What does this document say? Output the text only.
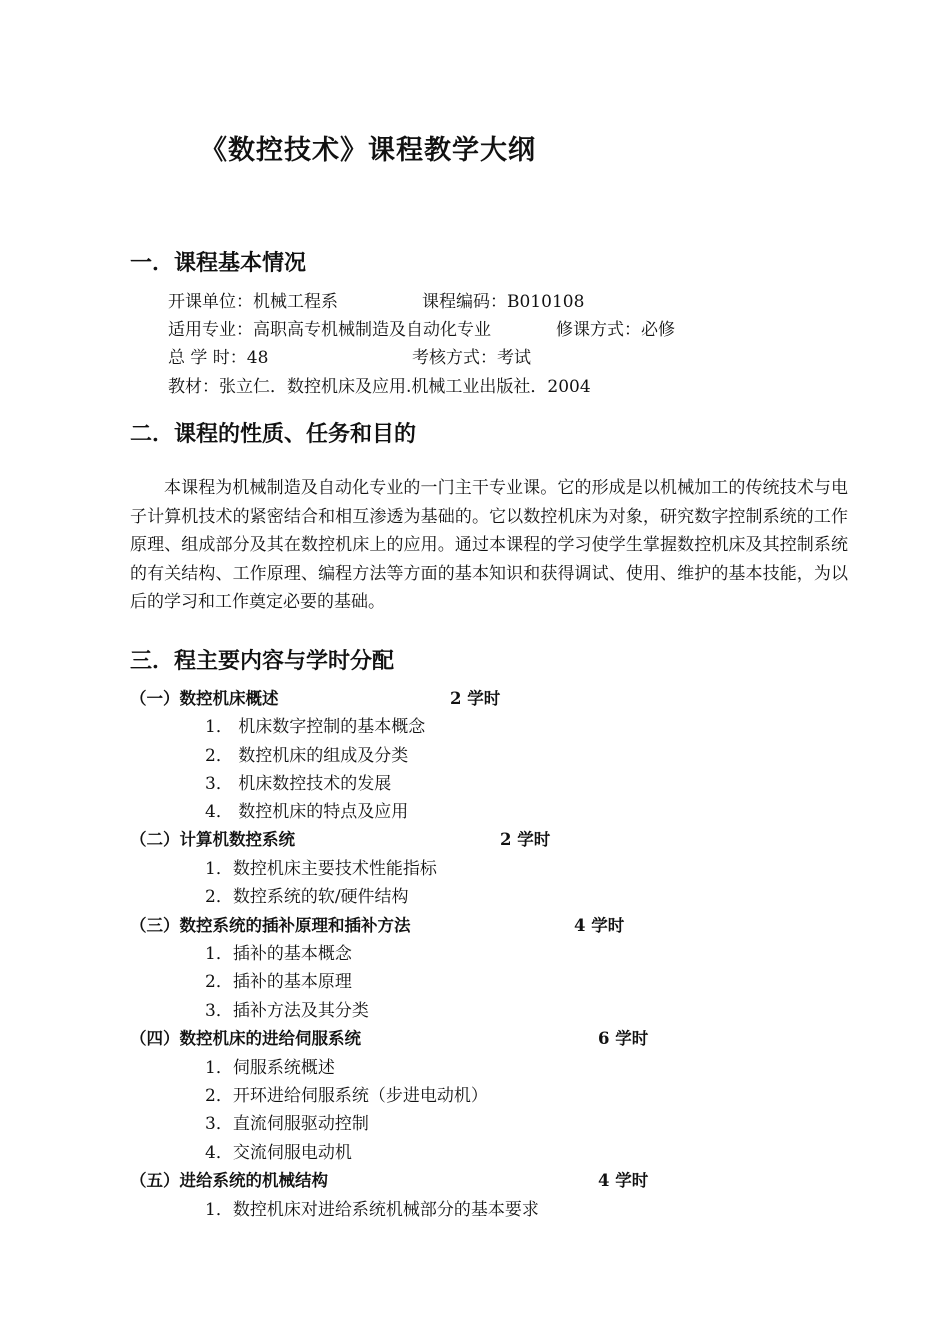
《数控技术》课程教学大纲
一．课程基本情况
开课单位：机械工程系	课程编码：B010108
适用专业：高职高专机械制造及自动化专业	修课方式：必修
总 学 时：48	考核方式：考试
教材：张立仁．数控机床及应用.机械工业出版社．2004
二．课程的性质、任务和目的
本课程为机械制造及自动化专业的一门主干专业课。它的形成是以机械加工的传统技术与电子计算机技术的紧密结合和相互渗透为基础的。它以数控机床为对象，研究数字控制系统的工作原理、组成部分及其在数控机床上的应用。通过本课程的学习使学生掌握数控机床及其控制系统的有关结构、工作原理、编程方法等方面的基本知识和获得调试、使用、维护的基本技能，为以后的学习和工作奠定必要的基础。
三．程主要内容与学时分配
（一）数控机床概述	2 学时
1． 机床数字控制的基本概念
2． 数控机床的组成及分类
3． 机床数控技术的发展
4． 数控机床的特点及应用
（二）计算机数控系统	2 学时
1．数控机床主要技术性能指标
2．数控系统的软/硬件结构
（三）数控系统的插补原理和插补方法	4 学时
1．插补的基本概念
2．插补的基本原理
3．插补方法及其分类
（四）数控机床的进给伺服系统	6 学时
1．伺服系统概述
2．开环进给伺服系统（步进电动机）
3．直流伺服驱动控制
4．交流伺服电动机
（五）进给系统的机械结构	4 学时
1．数控机床对进给系统机械部分的基本要求
